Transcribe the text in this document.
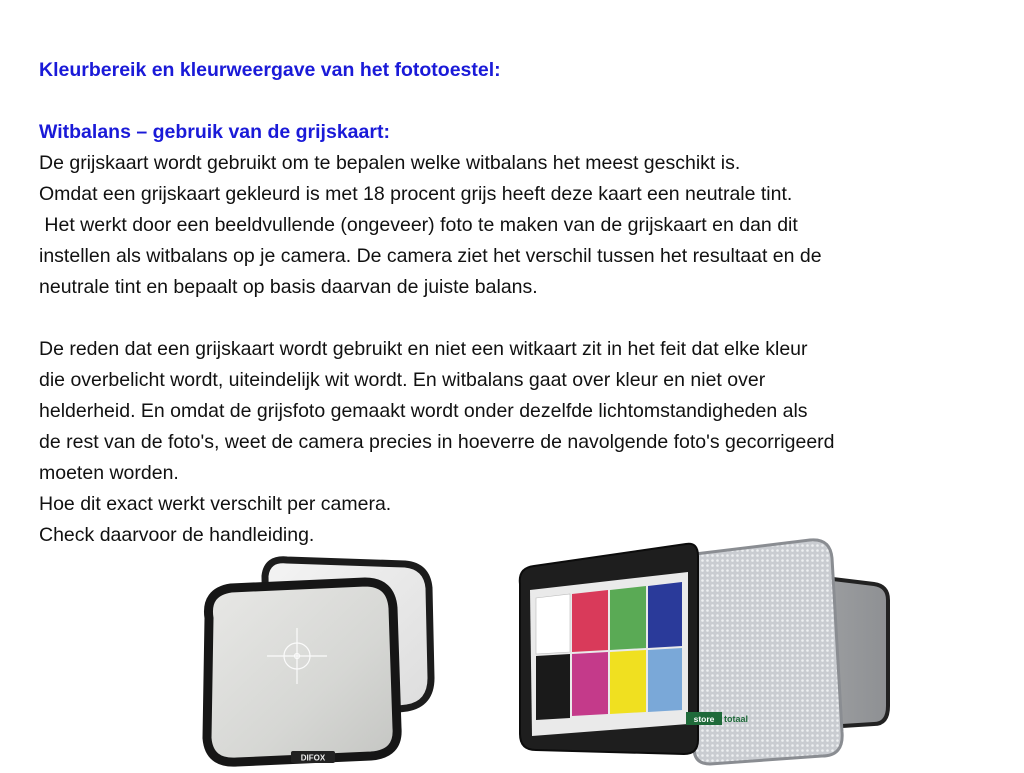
Kleurbereik en kleurweergave van het fototoestel:

Witbalans – gebruik van de grijskaart:

De grijskaart wordt gebruikt om te bepalen welke witbalans het meest geschikt is.

Omdat een grijskaart gekleurd is met 18 procent grijs heeft deze kaart een neutrale tint.

Het werkt door een beeldvullende (ongeveer) foto te maken van de grijskaart en dan dit

instellen als witbalans op je camera. De camera ziet het verschil tussen het resultaat en de

neutrale tint en bepaalt op basis daarvan de juiste balans.

De reden dat een grijskaart wordt gebruikt en niet een witkaart zit in het feit dat elke kleur

die overbelicht wordt, uiteindelijk wit wordt. En witbalans gaat over kleur en niet over

helderheid. En omdat de grijsfoto gemaakt wordt onder dezelfde lichtomstandigheden als

de rest van de foto's, weet de camera precies in hoeverre de navolgende foto's gecorrigeerd

moeten worden.

Hoe dit exact werkt verschilt per camera.

Check daarvoor de handleiding.

DIFOX
store totaal
